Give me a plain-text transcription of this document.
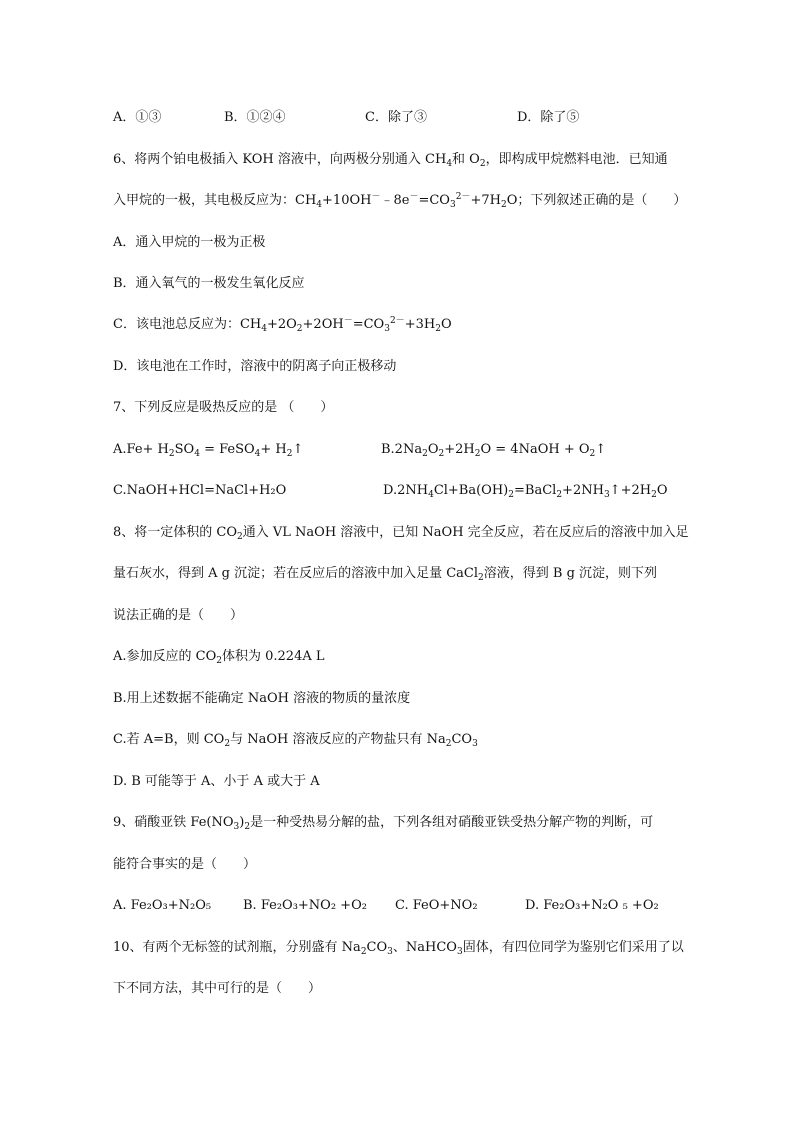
A．①③	B．①②④	C．除了③	D．除了⑤
6、将两个铂电极插入 KOH 溶液中，向两极分别通入 $CH_4$和 $O_2$，即构成甲烷燃料电池．已知通
入甲烷的一极，其电极反应为：$CH_4+10OH^-﹣8e^-=CO_3^{2-}+7H_2O$；下列叙述正确的是（　　）
A．通入甲烷的一极为正极
B．通入氧气的一极发生氧化反应
C．该电池总反应为：$CH_4+2O_2+2OH^-=CO_3^{2-}+3H_2O$
D．该电池在工作时，溶液中的阴离子向正极移动
7、下列反应是吸热反应的是 （　　）
$A.Fe+ H_2SO_4$ = FeSO$_4$+ $H_2↑$	$B.2Na_2O_2+2H_2O$ = 4NaOH + $O_2↑$
C.NaOH+HCl=NaCl+H₂O	$D.2NH_4Cl+Ba(OH)_2=BaCl_2+2NH_3↑+2H_2O$
8、将一定体积的 $CO_2$通入 VL NaOH 溶液中，已知 NaOH 完全反应，若在反应后的溶液中加入足
量石灰水，得到 A g 沉淀；若在反应后的溶液中加入足量 CaCl$_2$溶液，得到 B g 沉淀，则下列
说法正确的是（　　）
A.参加反应的 $CO_2$体积为 0.224A L
B.用上述数据不能确定 NaOH 溶液的物质的量浓度
C.若 A=B，则 $CO_2$与 NaOH 溶液反应的产物盐只有 $Na_2CO_3$
D. B 可能等于 A、小于 A 或大于 A
9、硝酸亚铁 $Fe(NO_3)_2$是一种受热易分解的盐，下列各组对硝酸亚铁受热分解产物的判断，可
能符合事实的是（　　）
A. Fe₂O₃+N₂O₅ B. Fe₂O₃+NO₂ +O₂ C. FeO+NO₂	D. Fe₂O₃+N₂O ₅ +O₂
10、有两个无标签的试剂瓶，分别盛有 $Na_2CO_3$、NaHCO$_3$固体，有四位同学为鉴别它们采用了以
下不同方法，其中可行的是（　　）
